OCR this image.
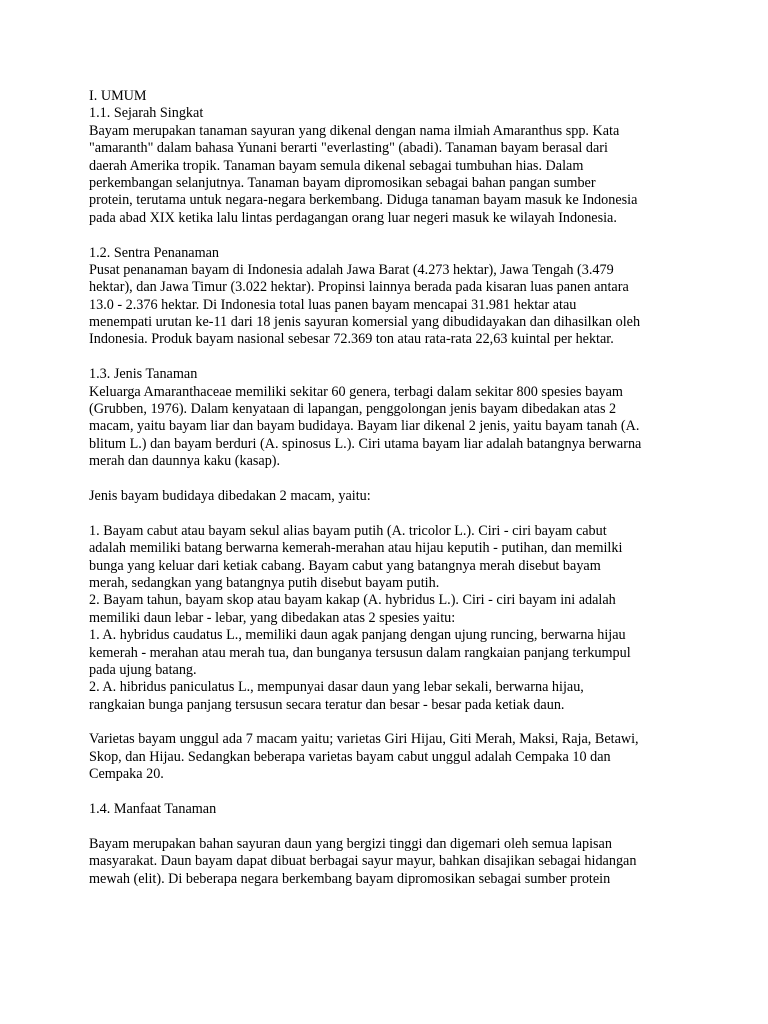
I. UMUM
1.1. Sejarah Singkat
Bayam merupakan tanaman sayuran yang dikenal dengan nama ilmiah Amaranthus spp. Kata
"amaranth" dalam bahasa Yunani berarti "everlasting" (abadi). Tanaman bayam berasal dari
daerah Amerika tropik. Tanaman bayam semula dikenal sebagai tumbuhan hias. Dalam
perkembangan selanjutnya. Tanaman bayam dipromosikan sebagai bahan pangan sumber
protein, terutama untuk negara-negara berkembang. Diduga tanaman bayam masuk ke Indonesia
pada abad XIX ketika lalu lintas perdagangan orang luar negeri masuk ke wilayah Indonesia.
1.2. Sentra Penanaman
Pusat penanaman bayam di Indonesia adalah Jawa Barat (4.273 hektar), Jawa Tengah (3.479
hektar), dan Jawa Timur (3.022 hektar). Propinsi lainnya berada pada kisaran luas panen antara
13.0 - 2.376 hektar. Di Indonesia total luas panen bayam mencapai 31.981 hektar atau
menempati urutan ke-11 dari 18 jenis sayuran komersial yang dibudidayakan dan dihasilkan oleh
Indonesia. Produk bayam nasional sebesar 72.369 ton atau rata-rata 22,63 kuintal per hektar.
1.3. Jenis Tanaman
Keluarga Amaranthaceae memiliki sekitar 60 genera, terbagi dalam sekitar 800 spesies bayam
(Grubben, 1976). Dalam kenyataan di lapangan, penggolongan jenis bayam dibedakan atas 2
macam, yaitu bayam liar dan bayam budidaya. Bayam liar dikenal 2 jenis, yaitu bayam tanah (A.
blitum L.) dan bayam berduri (A. spinosus L.). Ciri utama bayam liar adalah batangnya berwarna
merah dan daunnya kaku (kasap).
Jenis bayam budidaya dibedakan 2 macam, yaitu:
1. Bayam cabut atau bayam sekul alias bayam putih (A. tricolor L.). Ciri - ciri bayam cabut
adalah memiliki batang berwarna kemerah-merahan atau hijau keputih - putihan, dan memilki
bunga yang keluar dari ketiak cabang. Bayam cabut yang batangnya merah disebut bayam
merah, sedangkan yang batangnya putih disebut bayam putih.
2. Bayam tahun, bayam skop atau bayam kakap (A. hybridus L.). Ciri - ciri bayam ini adalah
memiliki daun lebar - lebar, yang dibedakan atas 2 spesies yaitu:
1. A. hybridus caudatus L., memiliki daun agak panjang dengan ujung runcing, berwarna hijau
kemerah - merahan atau merah tua, dan bunganya tersusun dalam rangkaian panjang terkumpul
pada ujung batang.
2. A. hibridus paniculatus L., mempunyai dasar daun yang lebar sekali, berwarna hijau,
rangkaian bunga panjang tersusun secara teratur dan besar - besar pada ketiak daun.
Varietas bayam unggul ada 7 macam yaitu; varietas Giri Hijau, Giti Merah, Maksi, Raja, Betawi,
Skop, dan Hijau. Sedangkan beberapa varietas bayam cabut unggul adalah Cempaka 10 dan
Cempaka 20.
1.4. Manfaat Tanaman
Bayam merupakan bahan sayuran daun yang bergizi tinggi dan digemari oleh semua lapisan
masyarakat. Daun bayam dapat dibuat berbagai sayur mayur, bahkan disajikan sebagai hidangan
mewah (elit). Di beberapa negara berkembang bayam dipromosikan sebagai sumber protein
